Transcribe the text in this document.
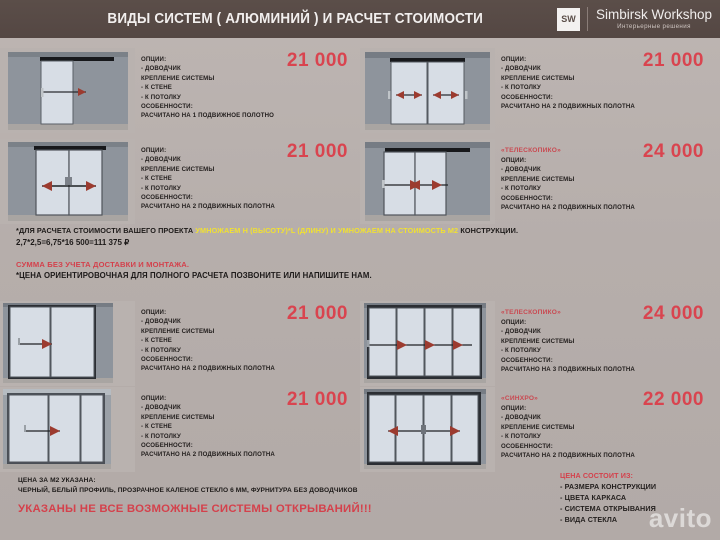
ВИДЫ СИСТЕМ ( АЛЮМИНИЙ ) И РАСЧЕТ СТОИМОСТИ	SW	Simbirsk Workshop
Интерьерные решения
21 000
ОПЦИИ:
- ДОВОДЧИК
КРЕПЛЕНИЕ СИСТЕМЫ
- К СТЕНЕ
- К ПОТОЛКУ
ОСОБЕННОСТИ:
РАСЧИТАНО НА 1 ПОДВИЖНОЕ ПОЛОТНО
21 000
ОПЦИИ:
- ДОВОДЧИК
КРЕПЛЕНИЕ СИСТЕМЫ
- К ПОТОЛКУ
ОСОБЕННОСТИ:
РАСЧИТАНО НА 2 ПОДВИЖНЫХ ПОЛОТНА
21 000
ОПЦИИ:
- ДОВОДЧИК
КРЕПЛЕНИЕ СИСТЕМЫ
- К СТЕНЕ
- К ПОТОЛКУ
ОСОБЕННОСТИ:
РАСЧИТАНО НА 2 ПОДВИЖНЫХ ПОЛОТНА
24 000
«ТЕЛЕСКОПИКО»
ОПЦИИ:
- ДОВОДЧИК
КРЕПЛЕНИЕ СИСТЕМЫ
- К ПОТОЛКУ
ОСОБЕННОСТИ:
РАСЧИТАНО НА 2 ПОДВИЖНЫХ ПОЛОТНА
*ДЛЯ РАСЧЕТА СТОИМОСТИ ВАШЕГО ПРОЕКТА УМНОЖАЕМ Н (ВЫСОТУ)*L (ДЛИНУ) И УМНОЖАЕМ НА СТОИМОСТЬ М2 КОНСТРУКЦИИ.
2,7*2,5=6,75*16 500=111 375 ₽
СУММА БЕЗ УЧЕТА ДОСТАВКИ И МОНТАЖА.
*ЦЕНА ОРИЕНТИРОВОЧНАЯ ДЛЯ ПОЛНОГО РАСЧЕТА ПОЗВОНИТЕ ИЛИ НАПИШИТЕ НАМ.
21 000
ОПЦИИ:
- ДОВОДЧИК
КРЕПЛЕНИЕ СИСТЕМЫ
- К СТЕНЕ
- К ПОТОЛКУ
ОСОБЕННОСТИ:
РАСЧИТАНО НА 2 ПОДВИЖНЫХ ПОЛОТНА
24 000
«ТЕЛЕСКОПИКО»
ОПЦИИ:
- ДОВОДЧИК
КРЕПЛЕНИЕ СИСТЕМЫ
- К ПОТОЛКУ
ОСОБЕННОСТИ:
РАСЧИТАНО НА 3 ПОДВИЖНЫХ ПОЛОТНА
21 000
ОПЦИИ:
- ДОВОДЧИК
КРЕПЛЕНИЕ СИСТЕМЫ
- К СТЕНЕ
- К ПОТОЛКУ
ОСОБЕННОСТИ:
РАСЧИТАНО НА 2 ПОДВИЖНЫХ ПОЛОТНА
22 000
«СИНХРО»
ОПЦИИ:
- ДОВОДЧИК
КРЕПЛЕНИЕ СИСТЕМЫ
- К ПОТОЛКУ
ОСОБЕННОСТИ:
РАСЧИТАНО НА 2 ПОДВИЖНЫХ ПОЛОТНА
ЦЕНА ЗА М2 УКАЗАНА:
ЧЕРНЫЙ, БЕЛЫЙ ПРОФИЛЬ, ПРОЗРАЧНОЕ КАЛЕНОЕ СТЕКЛО 6 ММ, ФУРНИТУРА БЕЗ ДОВОДЧИКОВ
УКАЗАНЫ НЕ ВСЕ ВОЗМОЖНЫЕ СИСТЕМЫ ОТКРЫВАНИЙ!!!
ЦЕНА СОСТОИТ ИЗ:
- РАЗМЕРА КОНСТРУКЦИИ
- ЦВЕТА КАРКАСА
- СИСТЕМА ОТКРЫВАНИЯ
- ВИДА СТЕКЛА	avito
